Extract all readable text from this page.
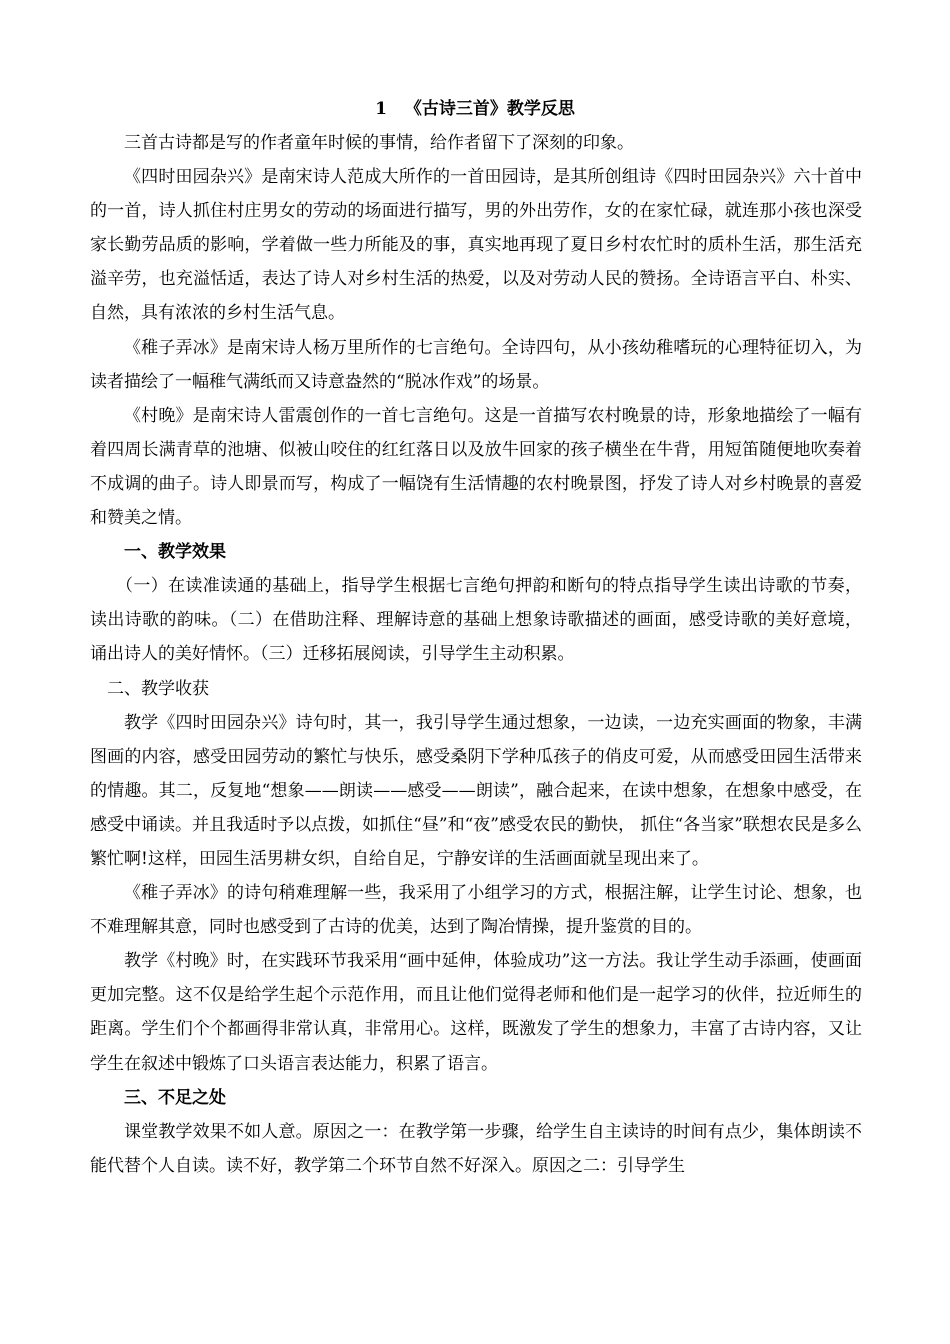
1 《古诗三首》教学反思

三首古诗都是写的作者童年时候的事情，给作者留下了深刻的印象。

《四时田园杂兴》是南宋诗人范成大所作的一首田园诗，是其所创组诗《四时田园杂兴》六十首中的一首，诗人抓住村庄男女的劳动的场面进行描写，男的外出劳作，女的在家忙碌，就连那小孩也深受家长勤劳品质的影响，学着做一些力所能及的事，真实地再现了夏日乡村农忙时的质朴生活，那生活充溢辛劳，也充溢恬适，表达了诗人对乡村生活的热爱，以及对劳动人民的赞扬。全诗语言平白、朴实、自然，具有浓浓的乡村生活气息。

《稚子弄冰》是南宋诗人杨万里所作的七言绝句。全诗四句，从小孩幼稚嗜玩的心理特征切入，为读者描绘了一幅稚气满纸而又诗意盎然的“脱冰作戏”的场景。

《村晚》是南宋诗人雷震创作的一首七言绝句。这是一首描写农村晚景的诗，形象地描绘了一幅有着四周长满青草的池塘、似被山咬住的红红落日以及放牛回家的孩子横坐在牛背，用短笛随便地吹奏着不成调的曲子。诗人即景而写，构成了一幅饶有生活情趣的农村晚景图，抒发了诗人对乡村晚景的喜爱和赞美之情。

一、教学效果

（一）在读准读通的基础上，指导学生根据七言绝句押韵和断句的特点指导学生读出诗歌的节奏，读出诗歌的韵味。（二）在借助注释、理解诗意的基础上想象诗歌描述的画面，感受诗歌的美好意境，诵出诗人的美好情怀。（三）迁移拓展阅读，引导学生主动积累。

二、教学收获

教学《四时田园杂兴》诗句时，其一，我引导学生通过想象，一边读，一边充实画面的物象，丰满图画的内容，感受田园劳动的繁忙与快乐，感受桑阴下学种瓜孩子的俏皮可爱，从而感受田园生活带来的情趣。其二，反复地“想象——朗读——感受——朗读”，融合起来，在读中想象，在想象中感受，在感受中诵读。并且我适时予以点拨，如抓住“昼”和“夜”感受农民的勤快， 抓住“各当家”联想农民是多么繁忙啊!这样，田园生活男耕女织，自给自足，宁静安详的生活画面就呈现出来了。

《稚子弄冰》的诗句稍难理解一些，我采用了小组学习的方式，根据注解，让学生讨论、想象，也不难理解其意，同时也感受到了古诗的优美，达到了陶冶情操，提升鉴赏的目的。

教学《村晚》时，在实践环节我采用“画中延伸，体验成功”这一方法。我让学生动手添画，使画面更加完整。这不仅是给学生起个示范作用，而且让他们觉得老师和他们是一起学习的伙伴，拉近师生的距离。学生们个个都画得非常认真，非常用心。这样，既激发了学生的想象力，丰富了古诗内容，又让学生在叙述中锻炼了口头语言表达能力，积累了语言。

三、不足之处

课堂教学效果不如人意。原因之一：在教学第一步骤，给学生自主读诗的时间有点少，集体朗读不能代替个人自读。读不好，教学第二个环节自然不好深入。原因之二：引导学生
